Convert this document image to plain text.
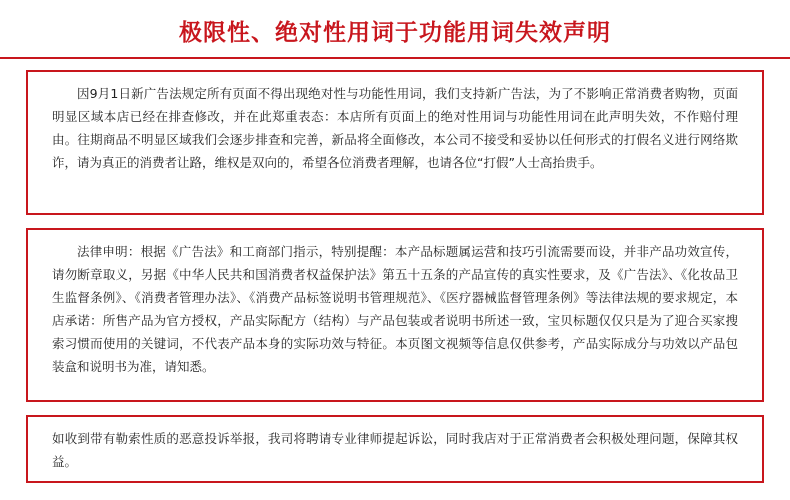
极限性、绝对性用词于功能用词失效声明

因9月1日新广告法规定所有页面不得出现绝对性与功能性用词，我们支持新广告法，为了不影响正常消费者购物，页面明显区域本店已经在排查修改，并在此郑重表态：本店所有页面上的绝对性用词与功能性用词在此声明失效，不作赔付理由。往期商品不明显区域我们会逐步排查和完善，新品将全面修改，本公司不接受和妥协以任何形式的打假名义进行网络欺诈，请为真正的消费者让路，维权是双向的，希望各位消费者理解，也请各位“打假”人士高抬贵手。

法律申明：根据《广告法》和工商部门指示，特别提醒：本产品标题属运营和技巧引流需要而设，并非产品功效宣传，请勿断章取义，另据《中华人民共和国消费者权益保护法》第五十五条的产品宣传的真实性要求，及《广告法》、《化妆品卫生监督条例》、《消费者管理办法》、《消费产品标签说明书管理规范》、《医疗器械监督管理条例》等法律法规的要求规定，本店承诺：所售产品为官方授权，产品实际配方（结构）与产品包装或者说明书所述一致，宝贝标题仅仅只是为了迎合买家搜索习惯而使用的关键词，不代表产品本身的实际功效与特征。本页图文视频等信息仅供参考，产品实际成分与功效以产品包装盒和说明书为准，请知悉。

如收到带有勒索性质的恶意投诉举报，我司将聘请专业律师提起诉讼，同时我店对于正常消费者会积极处理问题，保障其权益。
